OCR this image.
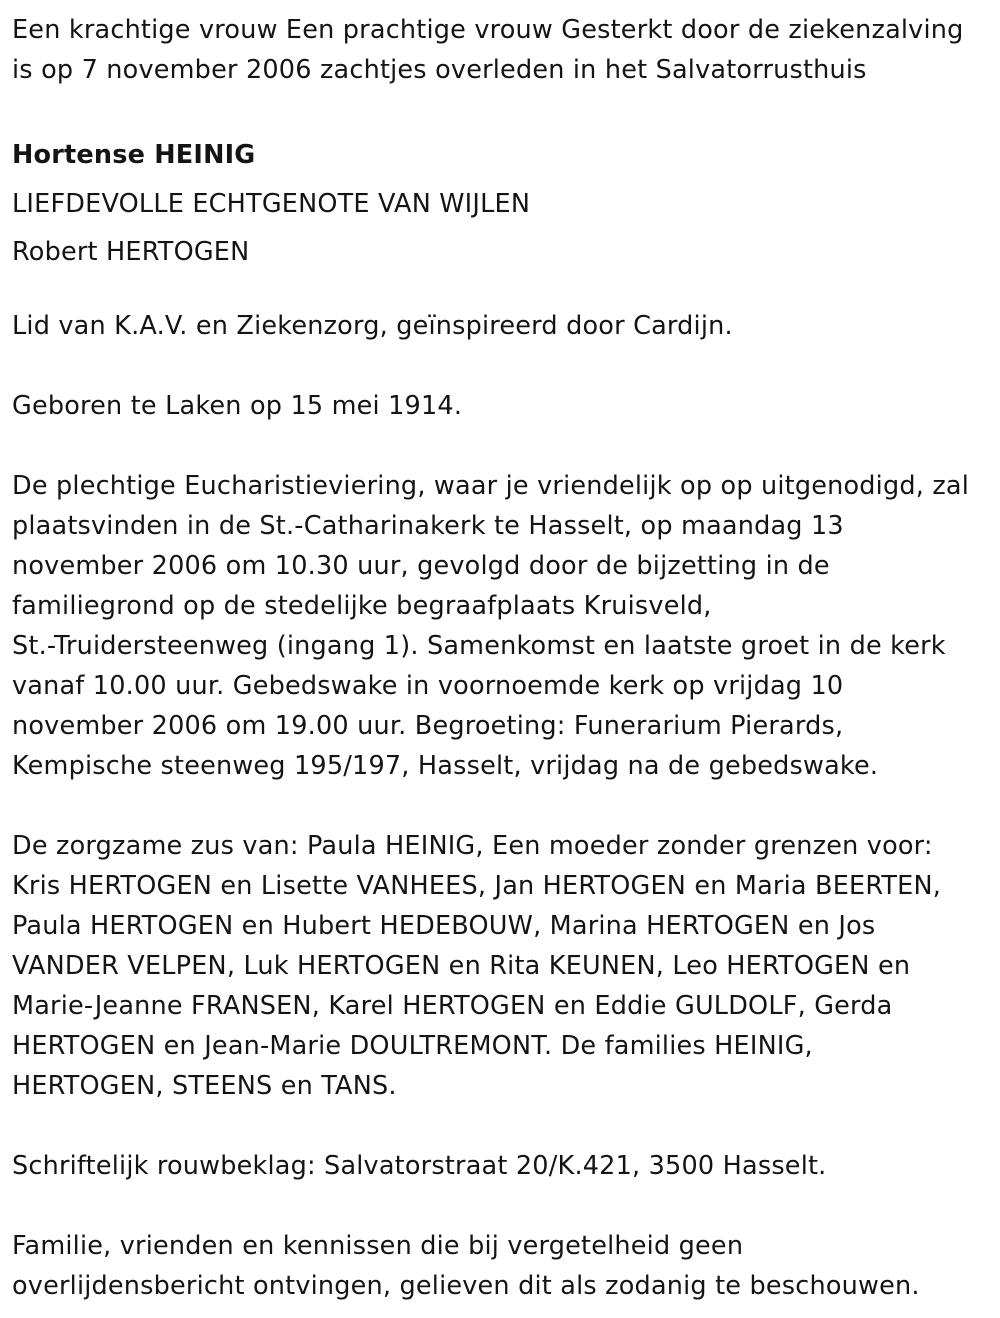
Een krachtige vrouw Een prachtige vrouw Gesterkt door de ziekenzalving
is op 7 november 2006 zachtjes overleden in het Salvatorrusthuis
Hortense HEINIG
LIEFDEVOLLE ECHTGENOTE VAN WIJLEN
Robert HERTOGEN
Lid van K.A.V. en Ziekenzorg, geïnspireerd door Cardijn.
Geboren te Laken op 15 mei 1914.
De plechtige Eucharistieviering, waar je vriendelijk op op uitgenodigd, zal
plaatsvinden in de St.-Catharinakerk te Hasselt, op maandag 13
november 2006 om 10.30 uur, gevolgd door de bijzetting in de
familiegrond op de stedelijke begraafplaats Kruisveld,
St.-Truidersteenweg (ingang 1). Samenkomst en laatste groet in de kerk
vanaf 10.00 uur. Gebedswake in voornoemde kerk op vrijdag 10
november 2006 om 19.00 uur. Begroeting: Funerarium Pierards,
Kempische steenweg 195/197, Hasselt, vrijdag na de gebedswake.
De zorgzame zus van: Paula HEINIG, Een moeder zonder grenzen voor:
Kris HERTOGEN en Lisette VANHEES, Jan HERTOGEN en Maria BEERTEN,
Paula HERTOGEN en Hubert HEDEBOUW, Marina HERTOGEN en Jos
VANDER VELPEN, Luk HERTOGEN en Rita KEUNEN, Leo HERTOGEN en
Marie-Jeanne FRANSEN, Karel HERTOGEN en Eddie GULDOLF, Gerda
HERTOGEN en Jean-Marie DOULTREMONT. De families HEINIG,
HERTOGEN, STEENS en TANS.
Schriftelijk rouwbeklag: Salvatorstraat 20/K.421, 3500 Hasselt.
Familie, vrienden en kennissen die bij vergetelheid geen
overlijdensbericht ontvingen, gelieven dit als zodanig te beschouwen.
